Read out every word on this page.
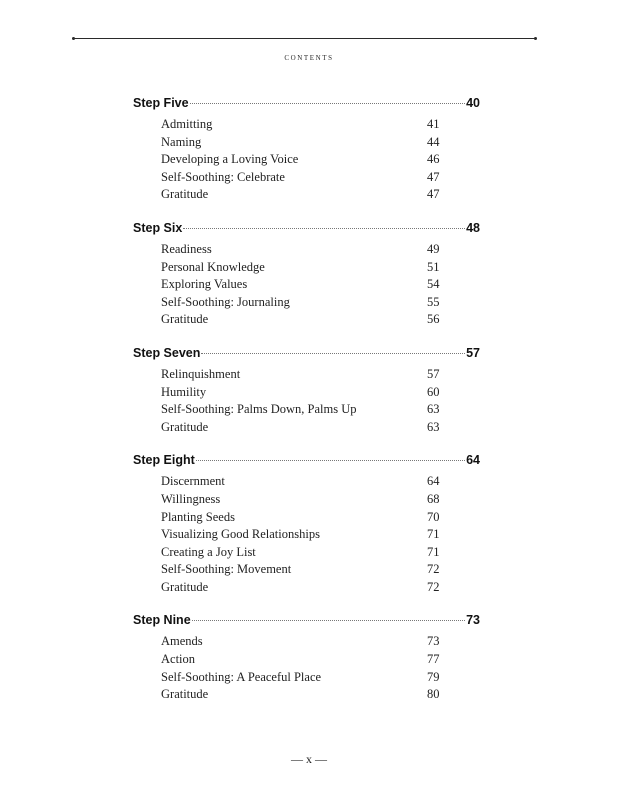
contents
Step Five	40
Admitting	41
Naming	44
Developing a Loving Voice	46
Self-Soothing: Celebrate	47
Gratitude	47
Step Six	48
Readiness	49
Personal Knowledge	51
Exploring Values	54
Self-Soothing: Journaling	55
Gratitude	56
Step Seven	57
Relinquishment	57
Humility	60
Self-Soothing: Palms Down, Palms Up	63
Gratitude	63
Step Eight	64
Discernment	64
Willingness	68
Planting Seeds	70
Visualizing Good Relationships	71
Creating a Joy List	71
Self-Soothing: Movement	72
Gratitude	72
Step Nine	73
Amends	73
Action	77
Self-Soothing: A Peaceful Place	79
Gratitude	80
— x —
